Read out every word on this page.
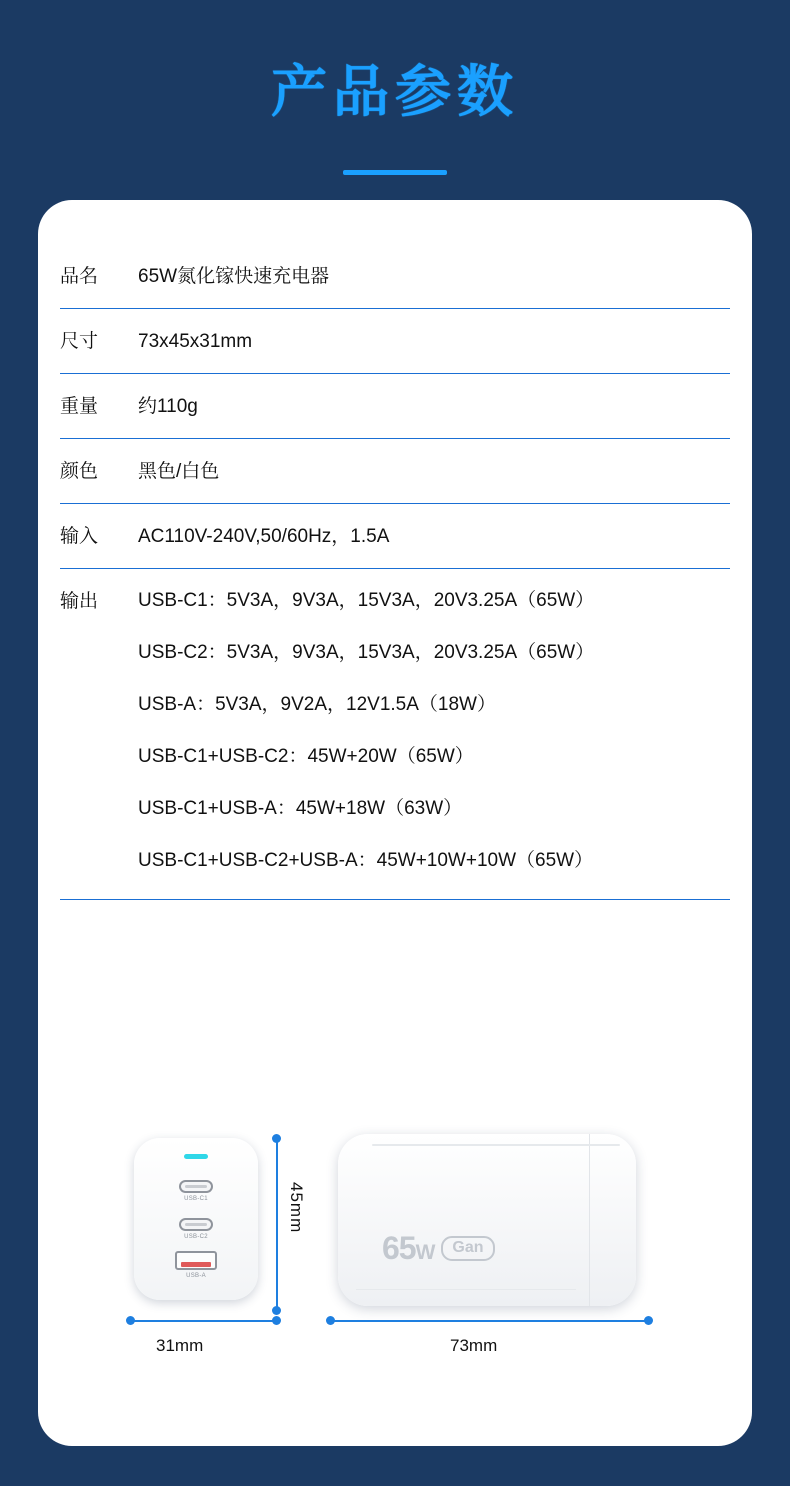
产品参数
品名	65W氮化镓快速充电器
尺寸	73x45x31mm
重量	约110g
颜色	黑色/白色
输入	AC110V-240V,50/60Hz，1.5A
输出	USB-C1：5V3A，9V3A，15V3A，20V3.25A（65W）
USB-C2：5V3A，9V3A，15V3A，20V3.25A（65W）
USB-A：5V3A，9V2A，12V1.5A（18W）
USB-C1+USB-C2：45W+20W（65W）
USB-C1+USB-A：45W+18W（63W）
USB-C1+USB-C2+USB-A：45W+10W+10W（65W）
USB-C1
USB-C2
USB-A
65W	Gan
45mm
31mm	73mm
